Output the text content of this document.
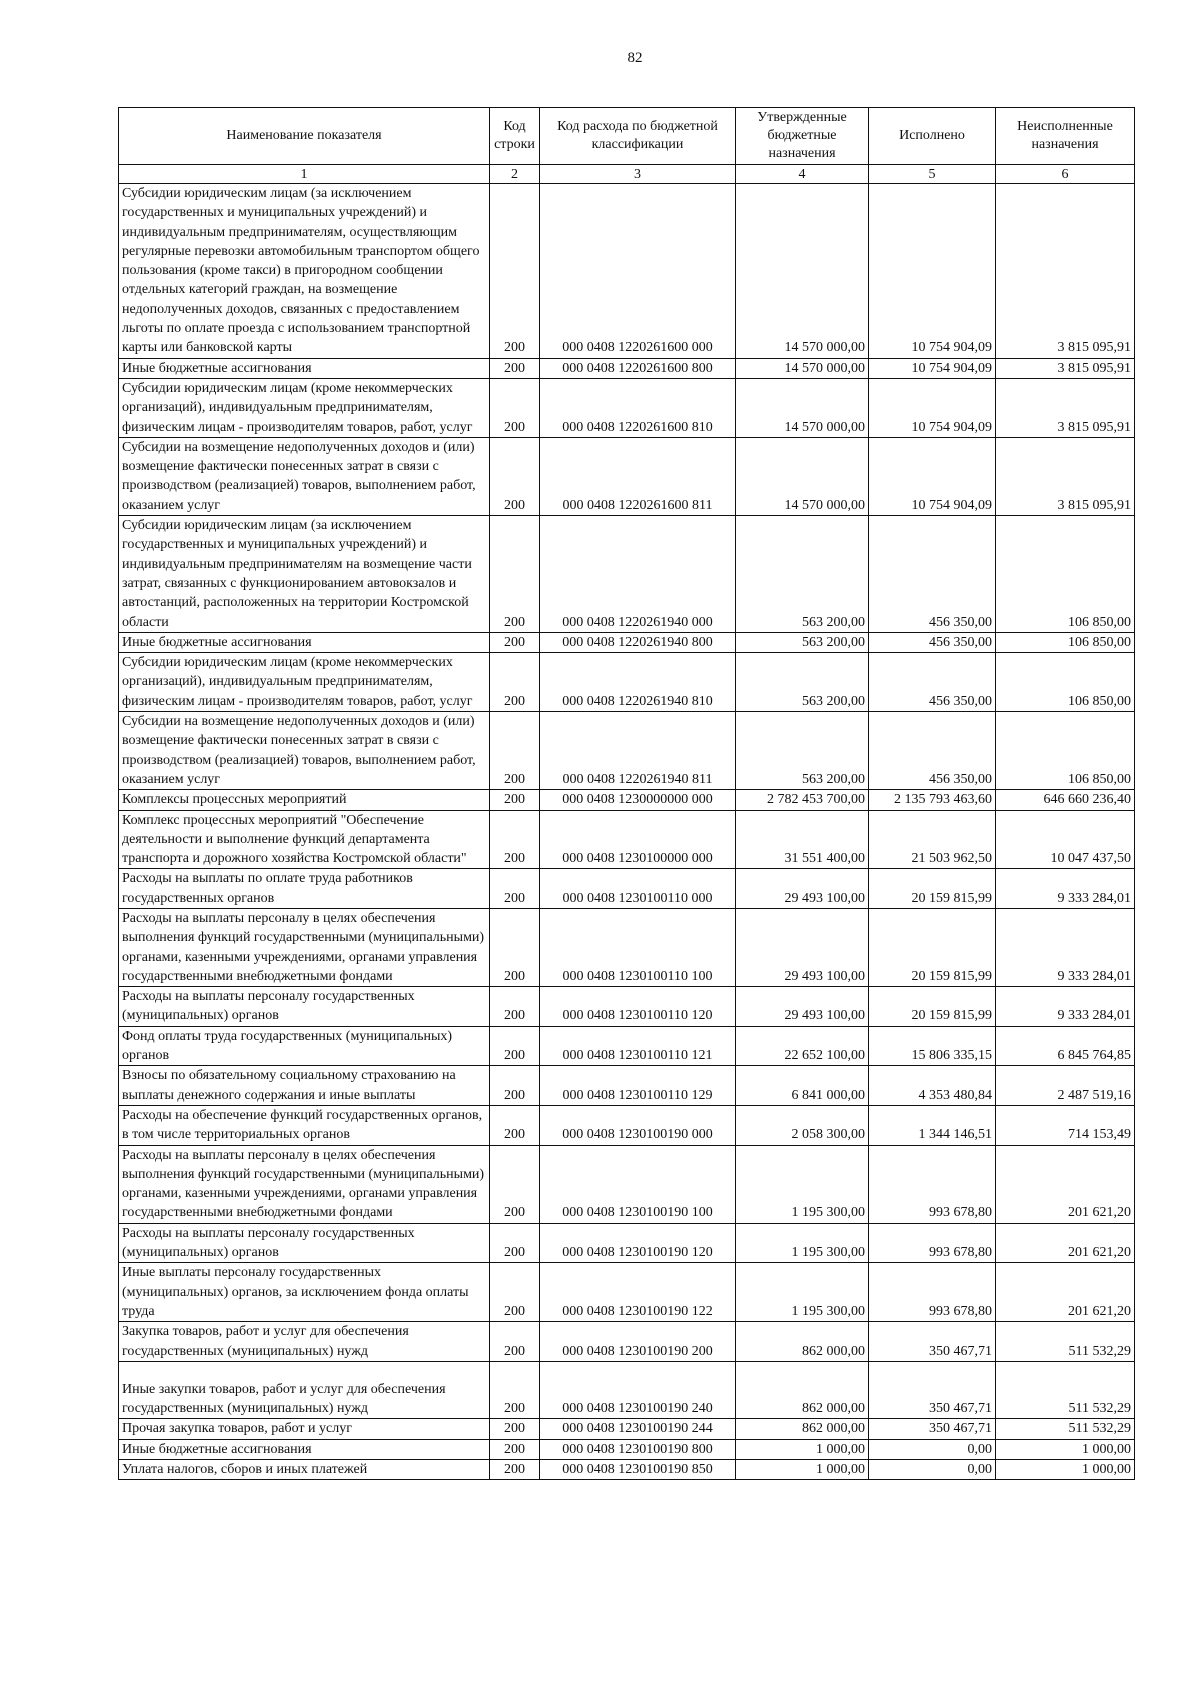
82
Наименование показателя	Код строки	Код расхода по бюджетной классификации	Утвержденные бюджетные назначения	Исполнено	Неисполненные назначения
1	2	3	4	5	6
Субсидии юридическим лицам (за исключением государственных и муниципальных учреждений) и индивидуальным предпринимателям, осуществляющим регулярные перевозки автомобильным транспортом общего пользования (кроме такси) в пригородном сообщении отдельных категорий граждан, на возмещение недополученных доходов, связанных с предоставлением льготы по оплате проезда с использованием транспортной карты или банковской карты	200	000 0408 1220261600 000	14 570 000,00	10 754 904,09	3 815 095,91
Иные бюджетные ассигнования	200	000 0408 1220261600 800	14 570 000,00	10 754 904,09	3 815 095,91
Субсидии юридическим лицам (кроме некоммерческих организаций), индивидуальным предпринимателям, физическим лицам - производителям товаров, работ, услуг	200	000 0408 1220261600 810	14 570 000,00	10 754 904,09	3 815 095,91
Субсидии на возмещение недополученных доходов и (или) возмещение фактически понесенных затрат в связи с производством (реализацией) товаров, выполнением работ, оказанием услуг	200	000 0408 1220261600 811	14 570 000,00	10 754 904,09	3 815 095,91
Субсидии юридическим лицам (за исключением государственных и муниципальных учреждений) и индивидуальным предпринимателям на возмещение части затрат, связанных с функционированием автовокзалов и автостанций, расположенных на территории Костромской области	200	000 0408 1220261940 000	563 200,00	456 350,00	106 850,00
Иные бюджетные ассигнования	200	000 0408 1220261940 800	563 200,00	456 350,00	106 850,00
Субсидии юридическим лицам (кроме некоммерческих организаций), индивидуальным предпринимателям, физическим лицам - производителям товаров, работ, услуг	200	000 0408 1220261940 810	563 200,00	456 350,00	106 850,00
Субсидии на возмещение недополученных доходов и (или) возмещение фактически понесенных затрат в связи с производством (реализацией) товаров, выполнением работ, оказанием услуг	200	000 0408 1220261940 811	563 200,00	456 350,00	106 850,00
Комплексы процессных мероприятий	200	000 0408 1230000000 000	2 782 453 700,00	2 135 793 463,60	646 660 236,40
Комплекс процессных мероприятий "Обеспечение деятельности и выполнение функций департамента транспорта и дорожного хозяйства Костромской области"	200	000 0408 1230100000 000	31 551 400,00	21 503 962,50	10 047 437,50
Расходы на выплаты по оплате труда работников государственных органов	200	000 0408 1230100110 000	29 493 100,00	20 159 815,99	9 333 284,01
Расходы на выплаты персоналу в целях обеспечения выполнения функций государственными (муниципальными) органами, казенными учреждениями, органами управления государственными внебюджетными фондами	200	000 0408 1230100110 100	29 493 100,00	20 159 815,99	9 333 284,01
Расходы на выплаты персоналу государственных (муниципальных) органов	200	000 0408 1230100110 120	29 493 100,00	20 159 815,99	9 333 284,01
Фонд оплаты труда государственных (муниципальных) органов	200	000 0408 1230100110 121	22 652 100,00	15 806 335,15	6 845 764,85
Взносы по обязательному социальному страхованию на выплаты денежного содержания и иные выплаты	200	000 0408 1230100110 129	6 841 000,00	4 353 480,84	2 487 519,16
Расходы на обеспечение функций государственных органов, в том числе территориальных органов	200	000 0408 1230100190 000	2 058 300,00	1 344 146,51	714 153,49
Расходы на выплаты персоналу в целях обеспечения выполнения функций государственными (муниципальными) органами, казенными учреждениями, органами управления государственными внебюджетными фондами	200	000 0408 1230100190 100	1 195 300,00	993 678,80	201 621,20
Расходы на выплаты персоналу государственных (муниципальных) органов	200	000 0408 1230100190 120	1 195 300,00	993 678,80	201 621,20
Иные выплаты персоналу государственных (муниципальных) органов, за исключением фонда оплаты труда	200	000 0408 1230100190 122	1 195 300,00	993 678,80	201 621,20
Закупка товаров, работ и услуг для обеспечения государственных (муниципальных) нужд	200	000 0408 1230100190 200	862 000,00	350 467,71	511 532,29
Иные закупки товаров, работ и услуг для обеспечения государственных (муниципальных) нужд	200	000 0408 1230100190 240	862 000,00	350 467,71	511 532,29
Прочая закупка товаров, работ и услуг	200	000 0408 1230100190 244	862 000,00	350 467,71	511 532,29
Иные бюджетные ассигнования	200	000 0408 1230100190 800	1 000,00	0,00	1 000,00
Уплата налогов, сборов и иных платежей	200	000 0408 1230100190 850	1 000,00	0,00	1 000,00
